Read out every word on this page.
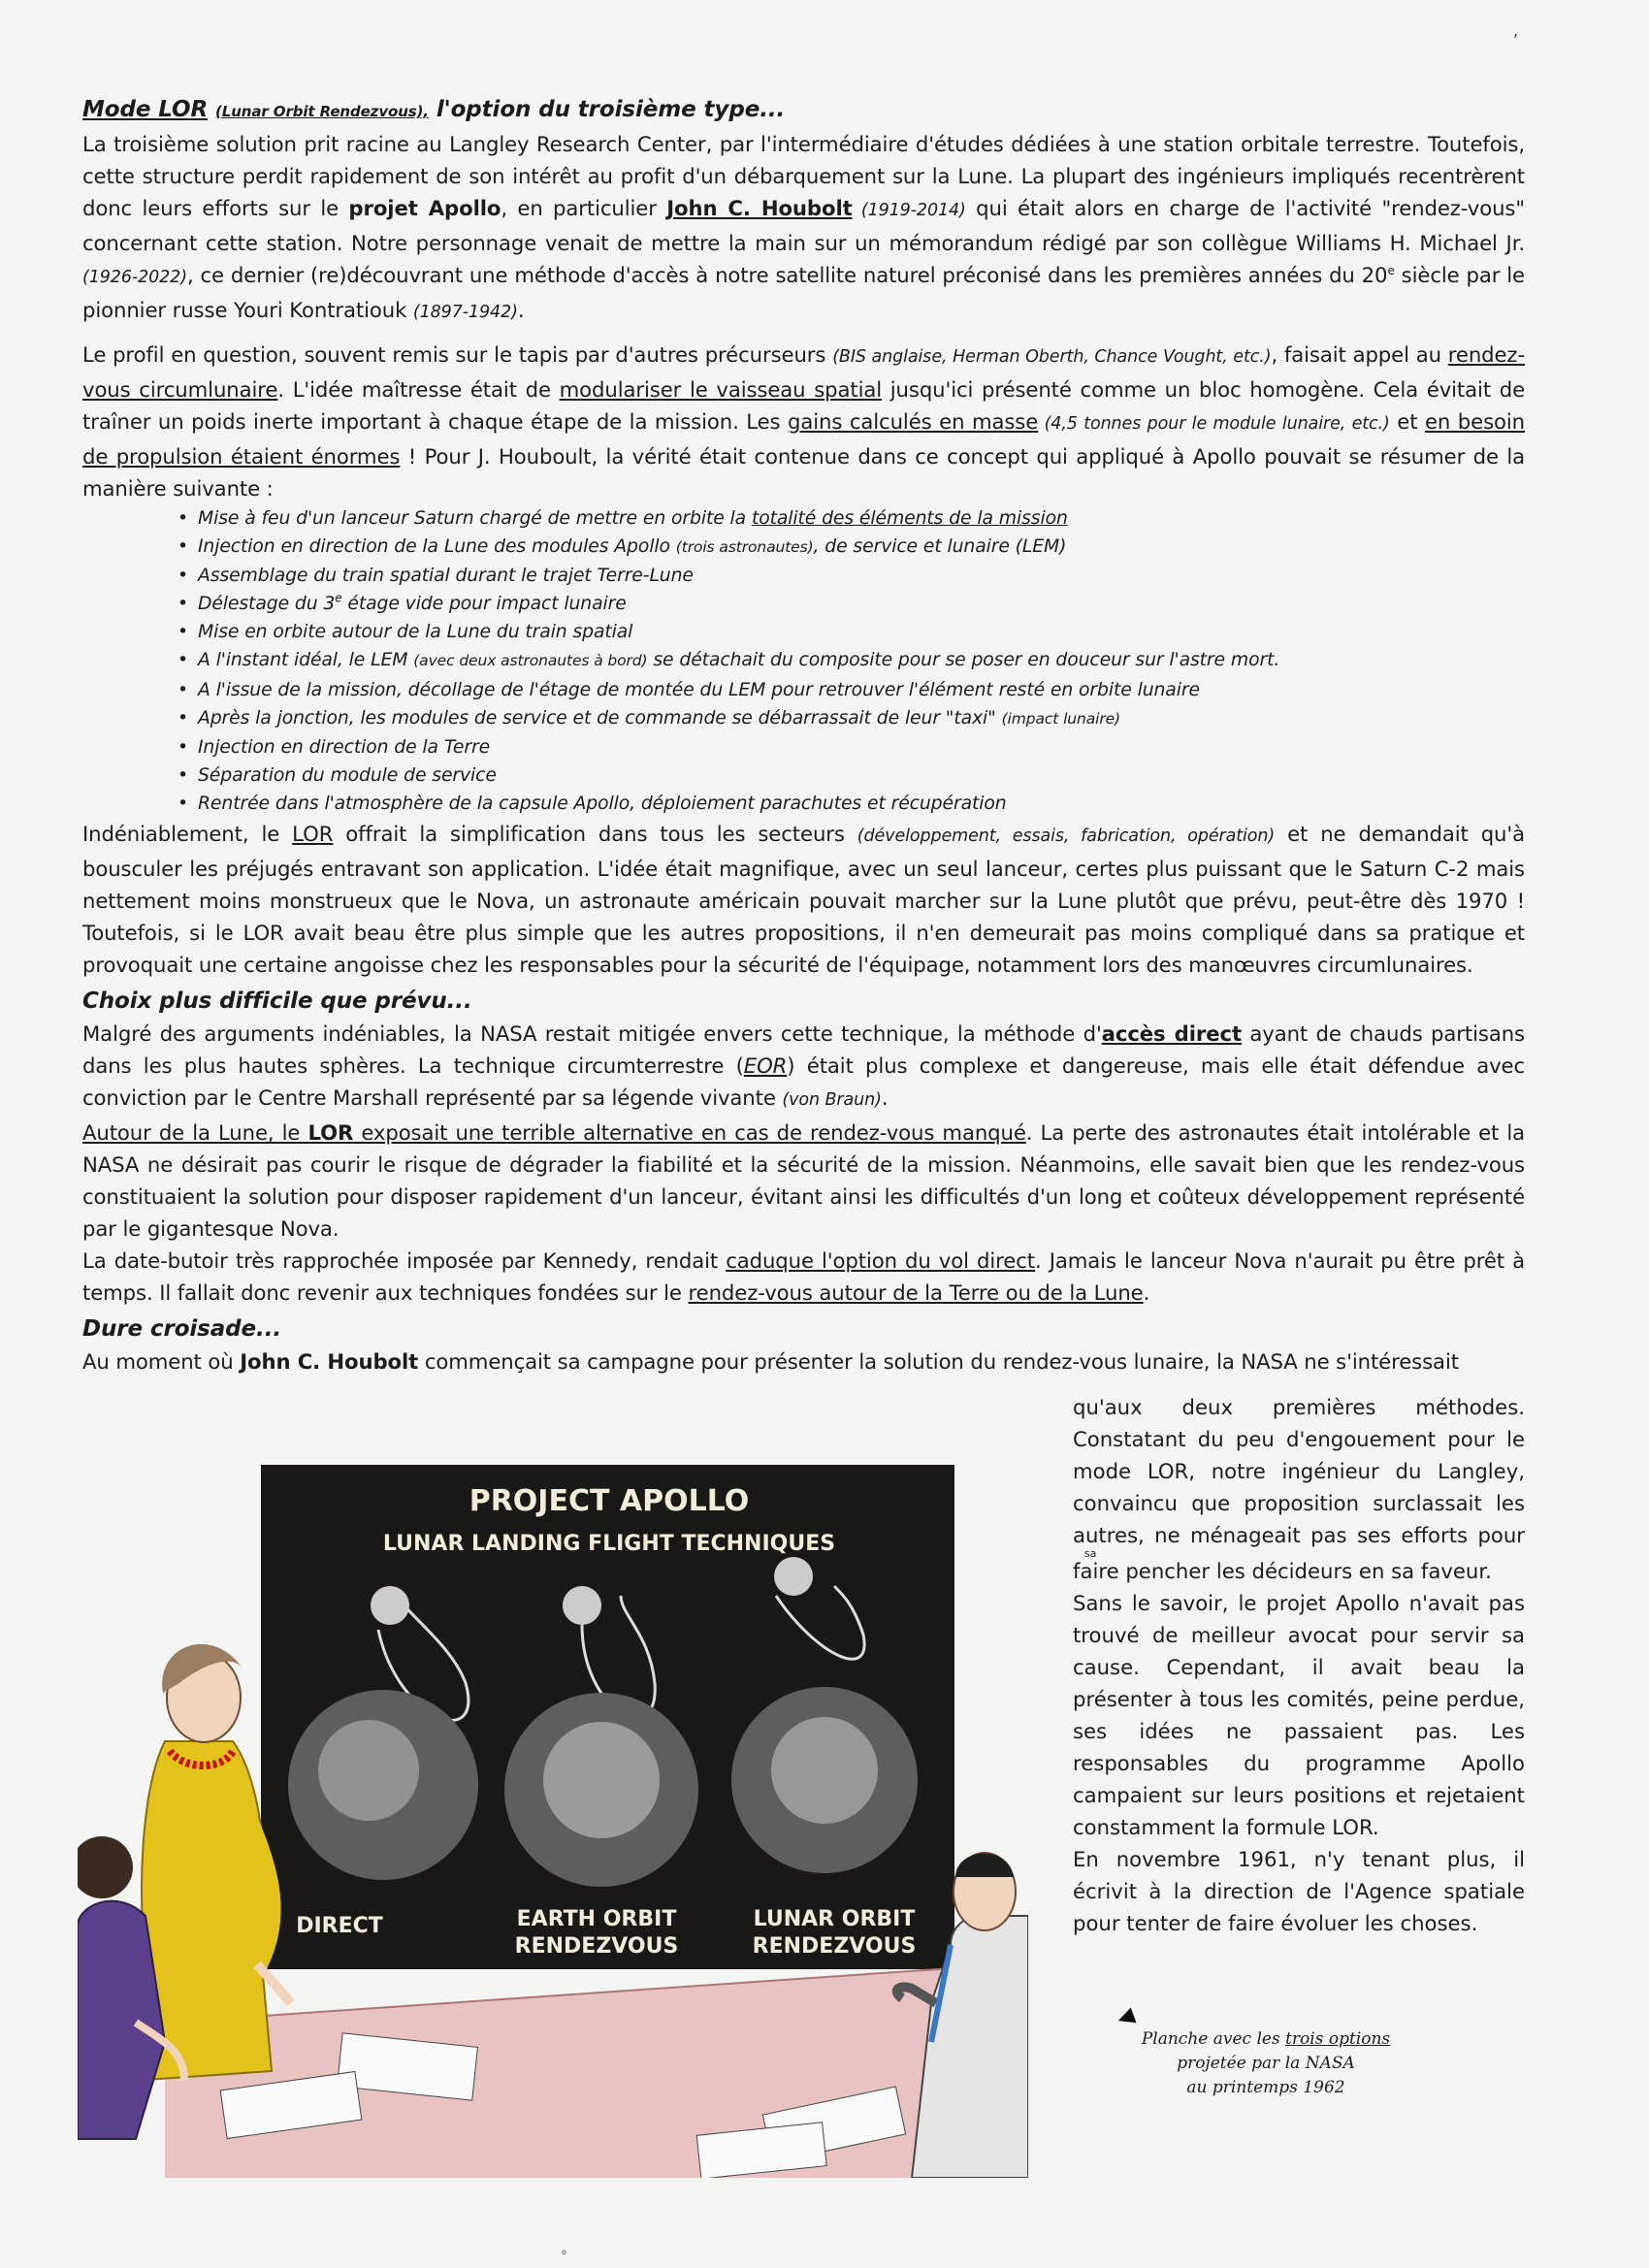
,
Mode LOR (Lunar Orbit Rendezvous), l'option du troisième type...

La troisième solution prit racine au Langley Research Center, par l'intermédiaire d'études dédiées à une station orbitale terrestre. Toutefois, cette structure perdit rapidement de son intérêt au profit d'un débarquement sur la Lune. La plupart des ingénieurs impliqués recentrèrent donc leurs efforts sur le projet Apollo, en particulier John C. Houbolt (1919-2014) qui était alors en charge de l'activité "rendez-vous" concernant cette station. Notre personnage venait de mettre la main sur un mémorandum rédigé par son collègue Williams H. Michael Jr. (1926-2022), ce dernier (re)découvrant une méthode d'accès à notre satellite naturel préconisé dans les premières années du 20e siècle par le pionnier russe Youri Kontratiouk (1897-1942).

Le profil en question, souvent remis sur le tapis par d'autres précurseurs (BIS anglaise, Herman Oberth, Chance Vought, etc.), faisait appel au rendez-vous circumlunaire. L'idée maîtresse était de modulariser le vaisseau spatial jusqu'ici présenté comme un bloc homogène. Cela évitait de traîner un poids inerte important à chaque étape de la mission. Les gains calculés en masse (4,5 tonnes pour le module lunaire, etc.) et en besoin de propulsion étaient énormes ! Pour J. Houboult, la vérité était contenue dans ce concept qui appliqué à Apollo pouvait se résumer de la manière suivante :

• Mise à feu d'un lanceur Saturn chargé de mettre en orbite la totalité des éléments de la mission
• Injection en direction de la Lune des modules Apollo (trois astronautes), de service et lunaire (LEM)
• Assemblage du train spatial durant le trajet Terre-Lune
• Délestage du 3e étage vide pour impact lunaire
• Mise en orbite autour de la Lune du train spatial
• A l'instant idéal, le LEM (avec deux astronautes à bord) se détachait du composite pour se poser en douceur sur l'astre mort.
• A l'issue de la mission, décollage de l'étage de montée du LEM pour retrouver l'élément resté en orbite lunaire
• Après la jonction, les modules de service et de commande se débarrassait de leur "taxi" (impact lunaire)
• Injection en direction de la Terre
• Séparation du module de service
• Rentrée dans l'atmosphère de la capsule Apollo, déploiement parachutes et récupération

Indéniablement, le LOR offrait la simplification dans tous les secteurs (développement, essais, fabrication, opération) et ne demandait qu'à bousculer les préjugés entravant son application. L'idée était magnifique, avec un seul lanceur, certes plus puissant que le Saturn C-2 mais nettement moins monstrueux que le Nova, un astronaute américain pouvait marcher sur la Lune plutôt que prévu, peut-être dès 1970 ! Toutefois, si le LOR avait beau être plus simple que les autres propositions, il n'en demeurait pas moins compliqué dans sa pratique et provoquait une certaine angoisse chez les responsables pour la sécurité de l'équipage, notamment lors des manœuvres circumlunaires.

Choix plus difficile que prévu...

Malgré des arguments indéniables, la NASA restait mitigée envers cette technique, la méthode d'accès direct ayant de chauds partisans dans les plus hautes sphères. La technique circumterrestre (EOR) était plus complexe et dangereuse, mais elle était défendue avec conviction par le Centre Marshall représenté par sa légende vivante (von Braun).

Autour de la Lune, le LOR exposait une terrible alternative en cas de rendez-vous manqué. La perte des astronautes était intolérable et la NASA ne désirait pas courir le risque de dégrader la fiabilité et la sécurité de la mission. Néanmoins, elle savait bien que les rendez-vous constituaient la solution pour disposer rapidement d'un lanceur, évitant ainsi les difficultés d'un long et coûteux développement représenté par le gigantesque Nova.

La date-butoir très rapprochée imposée par Kennedy, rendait caduque l'option du vol direct. Jamais le lanceur Nova n'aurait pu être prêt à temps. Il fallait donc revenir aux techniques fondées sur le rendez-vous autour de la Terre ou de la Lune.

Dure croisade...

Au moment où John C. Houbolt commençait sa campagne pour présenter la solution du rendez-vous lunaire, la NASA ne s'intéressait

qu'aux deux premières méthodes. Constatant du peu d'engouement pour le mode LOR, notre ingénieur du Langley, convaincu que proposition surclassait les autres, ne ménageait pas ses efforts pour faire pencher les décideurs en sa faveur.$^{sa}$

Sans le savoir, le projet Apollo n'avait pas trouvé de meilleur avocat pour servir sa cause. Cependant, il avait beau la présenter à tous les comités, peine perdue, ses idées ne passaient pas. Les responsables du programme Apollo campaient sur leurs positions et rejetaient constamment la formule LOR.

En novembre 1961, n'y tenant plus, il écrivit à la direction de l'Agence spatiale pour tenter de faire évoluer les choses.

PROJECT APOLLO
LUNAR LANDING FLIGHT TECHNIQUES
DIRECT	EARTH ORBIT
RENDEZVOUS
LUNAR ORBIT
RENDEZVOUS
◀
Planche avec les trois options
projetée par la NASA
au printemps 1962
°
